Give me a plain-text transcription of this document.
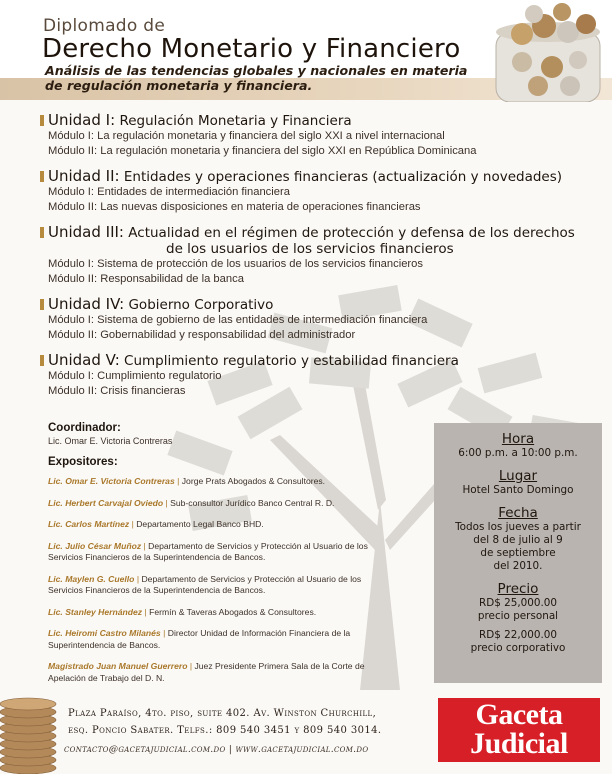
Diplomado de
Derecho Monetario y Financiero
Análisis de las tendencias globales y nacionales en materia
de regulación monetaria y financiera.
Unidad I: Regulación Monetaria y Financiera
Módulo I: La regulación monetaria y financiera del siglo XXI a nivel internacional
Módulo II: La regulación monetaria y financiera del siglo XXI en República Dominicana
Unidad II: Entidades y operaciones financieras (actualización y novedades)
Módulo I: Entidades de intermediación financiera
Módulo II: Las nuevas disposiciones en materia de operaciones financieras
Unidad III: Actualidad en el régimen de protección y defensa de los derechos
de los usuarios de los servicios financieros
Módulo I: Sistema de protección de los usuarios de los servicios financieros
Módulo II: Responsabilidad de la banca
Unidad IV: Gobierno Corporativo
Módulo I: Sistema de gobierno de las entidades de intermediación financiera
Módulo II: Gobernabilidad y responsabilidad del administrador
Unidad V: Cumplimiento regulatorio y estabilidad financiera
Módulo I: Cumplimiento regulatorio
Módulo II: Crisis financieras
Coordinador:
Lic. Omar E. Victoria Contreras
Expositores:
Lic. Omar E. Victoria Contreras | Jorge Prats Abogados & Consultores.
Lic. Herbert Carvajal Oviedo | Sub-consultor Jurídico Banco Central R. D.
Lic. Carlos Martínez | Departamento Legal Banco BHD.
Lic. Julio César Muñoz | Departamento de Servicios y Protección al Usuario de los Servicios Financieros de la Superintendencia de Bancos.
Lic. Maylen G. Cuello | Departamento de Servicios y Protección al Usuario de los Servicios Financieros de la Superintendencia de Bancos.
Lic. Stanley Hernández | Fermín & Taveras Abogados & Consultores.
Lic. Heiromi Castro Milanés | Director Unidad de Información Financiera de la Superintendencia de Bancos.
Magistrado Juan Manuel Guerrero | Juez Presidente Primera Sala de la Corte de Apelación de Trabajo del D. N.
Hora
6:00 p.m. a 10:00 p.m.
Lugar
Hotel Santo Domingo
Fecha
Todos los jueves a partir
del 8 de julio al 9
de septiembre
del 2010.
Precio
RD$ 25,000.00
precio personal
RD$ 22,000.00
precio corporativo
Plaza Paraíso, 4to. piso, suite 402. Av. Winston Churchill,
esq. Poncio Sabater. Telfs.: 809 540 3451 y 809 540 3014.
contacto@gacetajudicial.com.do | www.gacetajudicial.com.do
Gaceta
Judicial
